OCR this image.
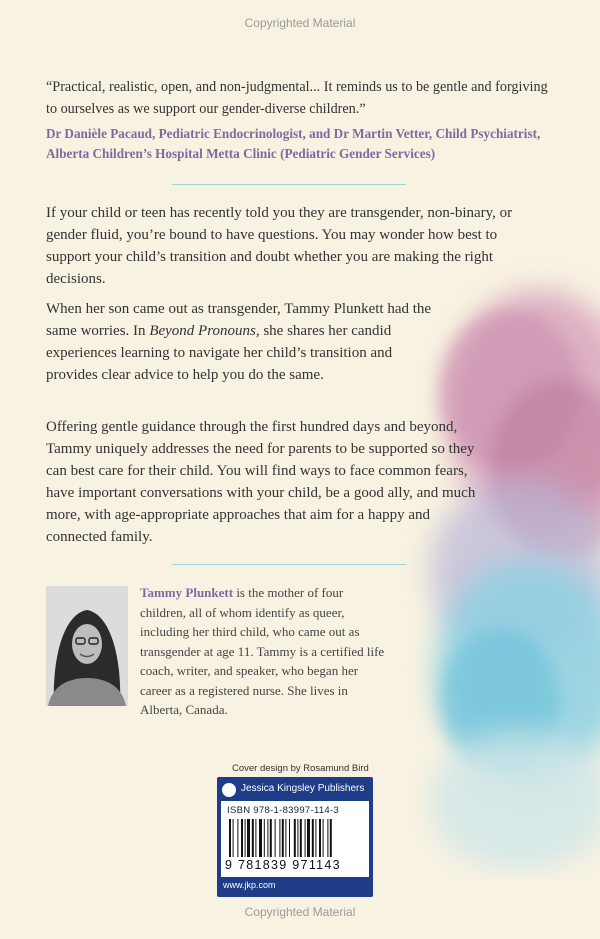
Copyrighted Material
“Practical, realistic, open, and non-judgmental... It reminds us to be gentle and forgiving to ourselves as we support our gender-diverse children.”
Dr Danièle Pacaud, Pediatric Endocrinologist, and Dr Martin Vetter, Child Psychiatrist, Alberta Children’s Hospital Metta Clinic (Pediatric Gender Services)
If your child or teen has recently told you they are transgender, non-binary, or gender fluid, you’re bound to have questions. You may wonder how best to support your child’s transition and doubt whether you are making the right decisions.
When her son came out as transgender, Tammy Plunkett had the same worries. In Beyond Pronouns, she shares her candid experiences learning to navigate her child’s transition and provides clear advice to help you do the same.
Offering gentle guidance through the first hundred days and beyond, Tammy uniquely addresses the need for parents to be supported so they can best care for their child. You will find ways to face common fears, have important conversations with your child, be a good ally, and much more, with age-appropriate approaches that aim for a happy and connected family.
Tammy Plunkett is the mother of four children, all of whom identify as queer, including her third child, who came out as transgender at age 11. Tammy is a certified life coach, writer, and speaker, who began her career as a registered nurse. She lives in Alberta, Canada.
Cover design by Rosamund Bird
Jessica Kingsley Publishers
ISBN 978-1-83997-114-3
9 781839 971143
www.jkp.com
Copyrighted Material
